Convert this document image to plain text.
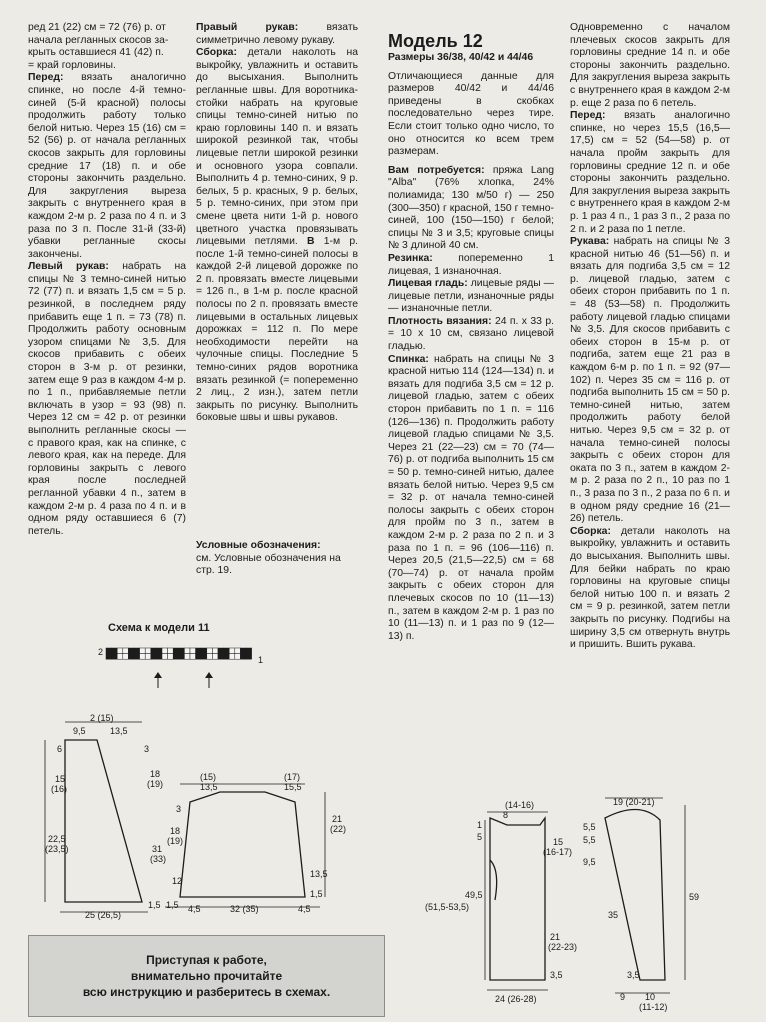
ред 21 (22) см = 72 (76) р. от

начала регланных скосов за-

крыть оставшиеся 41 (42) п.

= край горловины.

Перед: вязать аналогично спинке, но после 4-й темно-синей (5-й красной) полосы продолжить работу только белой нитью. Через 15 (16) см = 52 (56) р. от начала регланных скосов закрыть для горловины средние 17 (18) п. и обе стороны закончить раздельно. Для закругления выреза закрыть с внутреннего края в каждом 2-м р. 2 раза по 4 п. и 3 раза по 3 п. После 31-й (33-й) убавки регланные скосы закончены.

Левый рукав: набрать на спицы № 3 темно-синей нитью 72 (77) п. и вязать 1,5 см = 5 р. резинкой, в последнем ряду прибавить еще 1 п. = 73 (78) п. Продолжить работу основным узором спицами № 3,5. Для скосов прибавить с обеих сторон в 3-м р. от резинки, затем еще 9 раз в каждом 4-м р. по 1 п., прибавляемые петли включать в узор = 93 (98) п. Через 12 см = 42 р. от резинки выполнить регланные скосы — с правого края, как на спинке, с левого края, как на переде. Для горловины закрыть с левого края после последней регланной убавки 4 п., затем в каждом 2-м р. 4 раза по 4 п. и в одном ряду оставшиеся 6 (7) петель.

Правый рукав:	вязать симметрично левому рукаву.

Сборка: детали наколоть на выкройку, увлажнить и оставить до высыхания. Выполнить регланные швы. Для воротника-стойки набрать на круговые спицы темно-синей нитью по краю горловины 140 п. и вязать широкой резинкой так, чтобы лицевые петли широкой резинки и основного узора совпали. Выполнить 4 р. темно-синих, 9 р. белых, 5 р. красных, 9 р. белых, 5 р. темно-синих, при этом при смене цвета нити 1-й р. нового цветного участка провязывать лицевыми петлями. В 1-м р. после 1-й темно-синей полосы в каждой 2-й лицевой дорожке по 2 п. провязать вместе лицевыми = 126 п., в 1-м р. после красной полосы по 2 п. провязать вместе лицевыми в остальных лицевых дорожках = 112 п. По мере необходимости перейти на чулочные спицы. Последние 5 темно-синих рядов воротника вязать резинкой (= попеременно 2 лиц., 2 изн.), затем петли закрыть по рисунку. Выполнить боковые швы и швы рукавов.

Условные обозначения:

см. Условные обозначения на стр. 19.

Модель 12

Размеры 36/38, 40/42 и 44/46

Отличающиеся данные для размеров 40/42 и 44/46 приведены в скобках последовательно через тире. Если стоит только одно число, то оно относится ко всем трем размерам.

Вам потребуется: пряжа Lang "Alba" (76% хлопка, 24% полиамида; 130 м/50 г) — 250 (300—350) г красной, 150 г темно-синей, 100 (150—150) г белой; спицы № 3 и 3,5; круговые спицы № 3 длиной 40 см.

Резинка: попеременно 1 лицевая, 1 изнаночная.

Лицевая гладь: лицевые ряды — лицевые петли, изнаночные ряды — изнаночные петли.

Плотность вязания: 24 п. х 33 р. = 10 х 10 см, связано лицевой гладью.

Спинка: набрать на спицы № 3 красной нитью 114 (124—134) п. и вязать для подгиба 3,5 см = 12 р. лицевой гладью, затем с обеих сторон прибавить по 1 п. = 116 (126—136) п. Продолжить работу лицевой гладью спицами № 3,5. Через 21 (22—23) см = 70 (74—76) р. от подгиба выполнить 15 см = 50 р. темно-синей нитью, далее вязать белой нитью. Через 9,5 см = 32 р. от начала темно-синей полосы закрыть с обеих сторон для пройм по 3 п., затем в каждом 2-м р. 2 раза по 2 п. и 3 раза по 1 п. = 96 (106—116) п. Через 20,5 (21,5—22,5) см = 68 (70—74) р. от начала пройм закрыть с обеих сторон для плечевых скосов по 10 (11—13) п., затем в каждом 2-м р. 1 раз по 10 (11—13) п. и 1 раз по 9 (12—13) п.

Одновременно с началом плечевых скосов закрыть для горловины средние 14 п. и обе стороны закончить раздельно. Для закругления выреза закрыть с внутреннего края в каждом 2-м р. еще 2 раза по 6 петель.

Перед: вязать аналогично спинке, но через 15,5 (16,5—17,5) см = 52 (54—58) р. от начала пройм закрыть для горловины средние 12 п. и обе стороны закончить раздельно. Для закругления выреза закрыть с внутреннего края в каждом 2-м р. 1 раз 4 п., 1 раз 3 п., 2 раза по 2 п. и 2 раза по 1 петле.

Рукава: набрать на спицы № 3 красной нитью 46 (51—56) п. и вязать для подгиба 3,5 см = 12 р. лицевой гладью, затем с обеих сторон прибавить по 1 п. = 48 (53—58) п. Продолжить работу лицевой гладью спицами № 3,5. Для скосов прибавить с обеих сторон в 15-м р. от подгиба, затем еще 21 раз в каждом 6-м р. по 1 п. = 92 (97—102) п. Через 35 см = 116 р. от подгиба выполнить 15 см = 50 р. темно-синей нитью, затем продолжить работу белой нитью. Через 9,5 см = 32 р. от начала темно-синей полосы закрыть с обеих сторон для оката по 3 п., затем в каждом 2-м р. 2 раза по 2 п., 10 раз по 1 п., 3 раза по 3 п., 2 раза по 6 п. и в одном ряду средние 16 (21—26) петель.

Сборка: детали наколоть на выкройку, увлажнить и оставить до высыхания. Выполнить швы. Для бейки набрать по краю горловины на круговые спицы белой нитью 100 п. и вязать 2 см = 9 р. резинкой, затем петли закрыть по рисунку. Подгибы на ширину 3,5 см отвернуть внутрь и пришить. Вшить рукава.

Схема к модели 11
2
1
2 (15)
9,5	13,5
6	3
15
(16)
18
(19)
22,5
(23,5)	31
(33)
12
1,5 1,5
25 (26,5)
(15)
13,5
(17)
15,5
3
18
(19)
21
(22)
13,5
1,5
4,5	32 (35)	4,5
(14-16)
8
1
5	15
(16-17)
49,5
(51,5-53,5)
21
(22-23)
3,5
24 (26-28)
19 (20-21)
5,5
5,5
9,5
35
3,5
59
9 10
(11-12)
Приступая к работе,
внимательно прочитайте
всю инструкцию и разберитесь в схемах.
